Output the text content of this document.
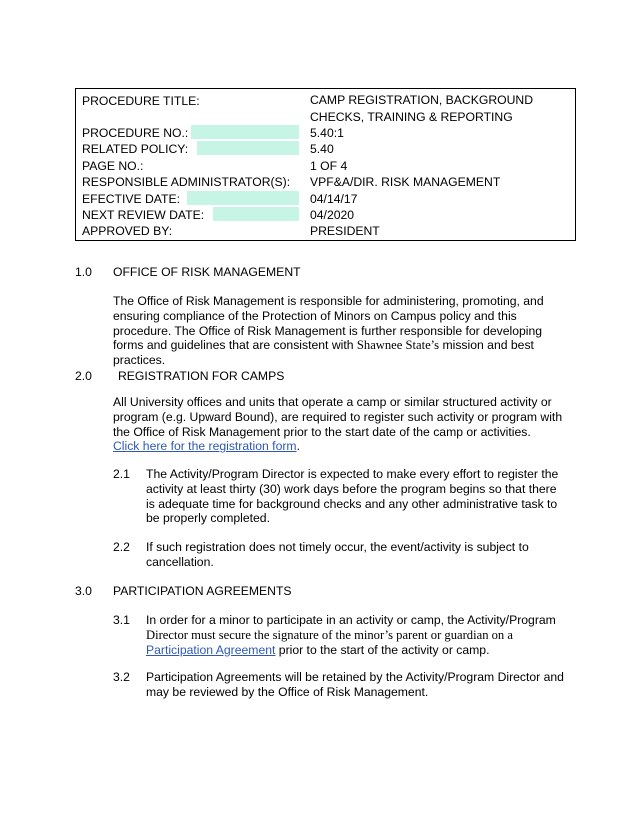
PROCEDURE TITLE:	CAMP REGISTRATION, BACKGROUND
CHECKS, TRAINING & REPORTING
PROCEDURE NO.:	5.40:1
RELATED POLICY:	5.40
PAGE NO.:	1 OF 4
RESPONSIBLE ADMINISTRATOR(S): VPF&A/DIR. RISK MANAGEMENT
EFECTIVE DATE:	04/14/17
NEXT REVIEW DATE:	04/2020
APPROVED BY:	PRESIDENT
1.0 OFFICE OF RISK MANAGEMENT
The Office of Risk Management is responsible for administering, promoting, and ensuring compliance of the Protection of Minors on Campus policy and this procedure. The Office of Risk Management is further responsible for developing forms and guidelines that are consistent with Shawnee State’s mission and best practices.
2.0 REGISTRATION FOR CAMPS
All University offices and units that operate a camp or similar structured activity or program (e.g. Upward Bound), are required to register such activity or program with the Office of Risk Management prior to the start date of the camp or activities.
Click here for the registration form.
2.1 The Activity/Program Director is expected to make every effort to register the activity at least thirty (30) work days before the program begins so that there is adequate time for background checks and any other administrative task to be properly completed.
2.2 If such registration does not timely occur, the event/activity is subject to cancellation.
3.0 PARTICIPATION AGREEMENTS
3.1 In order for a minor to participate in an activity or camp, the Activity/Program
Director must secure the signature of the minor’s parent or guardian on a
Participation Agreement prior to the start of the activity or camp.
3.2 Participation Agreements will be retained by the Activity/Program Director and may be reviewed by the Office of Risk Management.
